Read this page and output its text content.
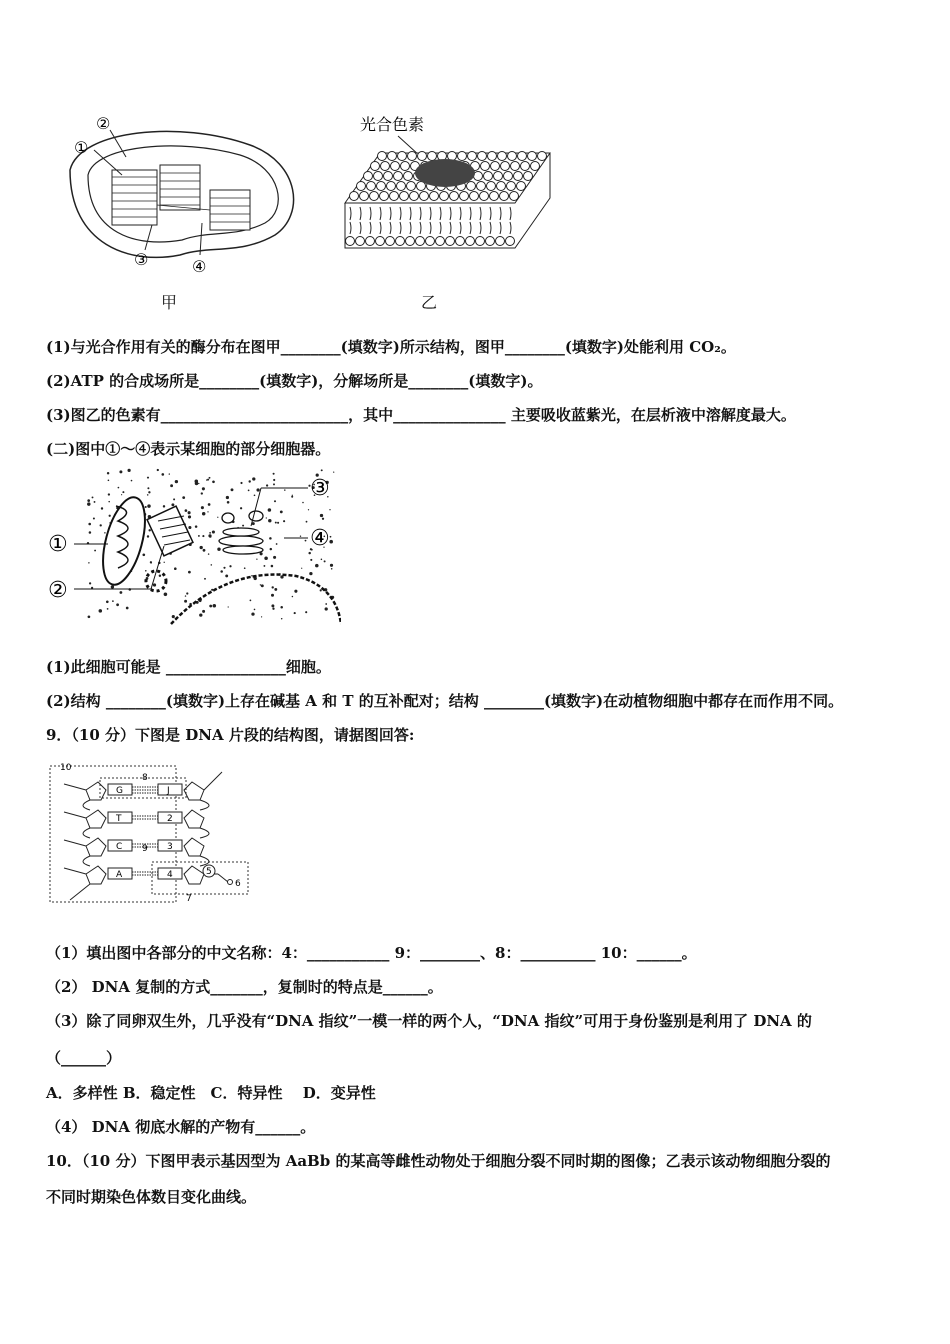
①
②
③	④
甲
光合色素
乙
(1)与光合作用有关的酶分布在图甲________(填数字)所示结构，图甲________(填数字)处能利用 CO₂。
(2)ATP 的合成场所是________(填数字)，分解场所是________(填数字)。
(3)图乙的色素有_________________________，其中_______________ 主要吸收蓝紫光，在层析液中溶解度最大。
(二)图中①～④表示某细胞的部分细胞器。
①
②
③
④
(1)此细胞可能是 ________________细胞。
(2)结构 ________(填数字)上存在碱基 A 和 T 的互补配对；结构 ________(填数字)在动植物细胞中都存在而作用不同。
9．（10 分）下图是 DNA 片段的结构图，请据图回答:
10
8
G	J
T	2
C 9 3
A	4	5
6
7
（1）填出图中各部分的中文名称：4：___________ 9：________、8：__________ 10：______。
（2） DNA 复制的方式_______，复制时的特点是______。
（3）除了同卵双生外，几乎没有“DNA 指纹”一模一样的两个人，“DNA 指纹”可用于身份鉴别是利用了 DNA 的
（______）
A．多样性 B．稳定性　C．特异性　 D．变异性
（4） DNA 彻底水解的产物有______。
10．（10 分）下图甲表示基因型为 AaBb 的某高等雌性动物处于细胞分裂不同时期的图像；乙表示该动物细胞分裂的
不同时期染色体数目变化曲线。
